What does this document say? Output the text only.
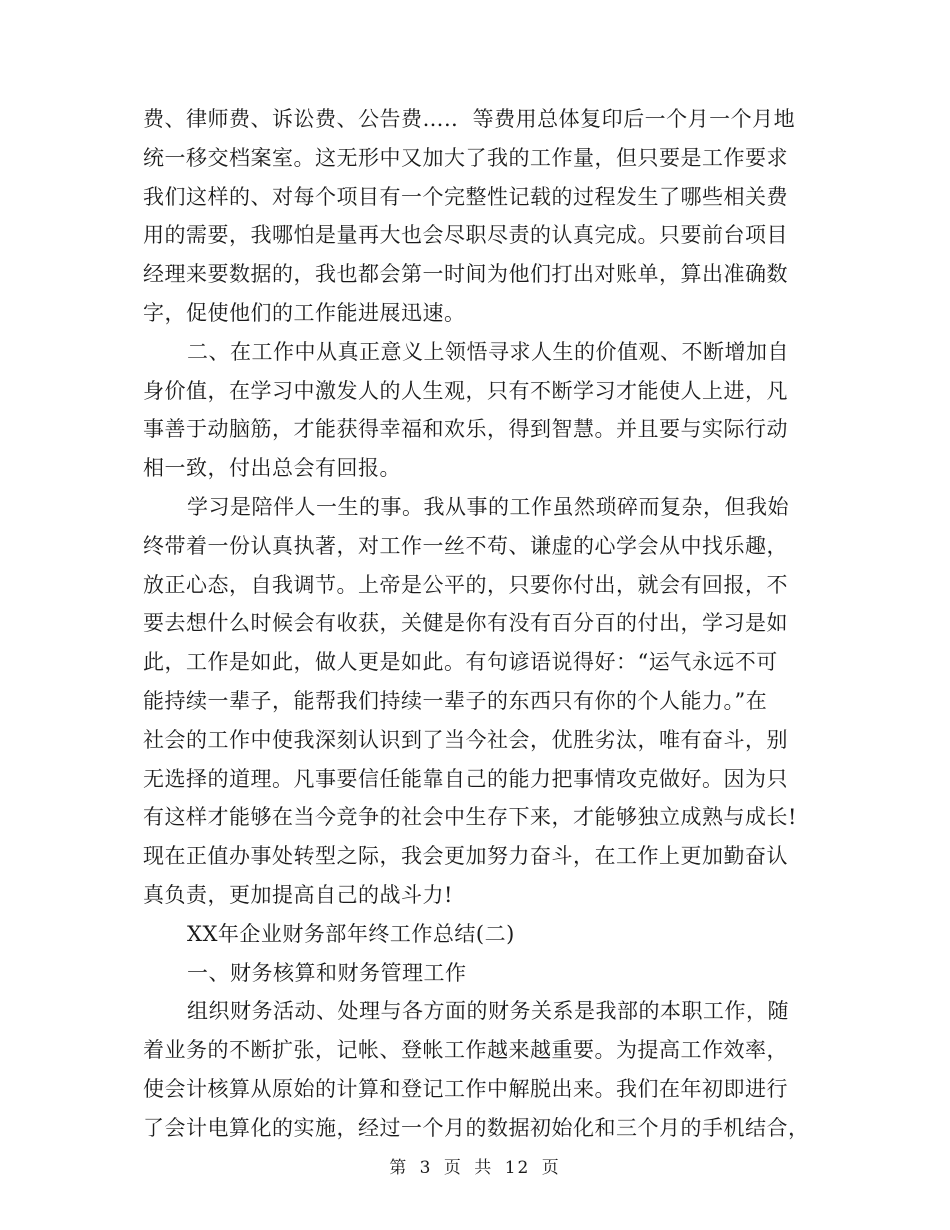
费、律师费、诉讼费、公告费….．等费用总体复印后一个月一个月地
统一移交档案室。这无形中又加大了我的工作量，但只要是工作要求
我们这样的、对每个项目有一个完整性记载的过程发生了哪些相关费
用的需要，我哪怕是量再大也会尽职尽责的认真完成。只要前台项目
经理来要数据的，我也都会第一时间为他们打出对账单，算出准确数
字，促使他们的工作能进展迅速。
二、在工作中从真正意义上领悟寻求人生的价值观、不断增加自
身价值，在学习中激发人的人生观，只有不断学习才能使人上进，凡
事善于动脑筋，才能获得幸福和欢乐，得到智慧。并且要与实际行动
相一致，付出总会有回报。
学习是陪伴人一生的事。我从事的工作虽然琐碎而复杂，但我始
终带着一份认真执著，对工作一丝不苟、谦虚的心学会从中找乐趣，
放正心态，自我调节。上帝是公平的，只要你付出，就会有回报，不
要去想什么时候会有收获，关健是你有没有百分百的付出，学习是如
此，工作是如此，做人更是如此。有句谚语说得好：“运气永远不可
能持续一辈子，能帮我们持续一辈子的东西只有你的个人能力。”在
社会的工作中使我深刻认识到了当今社会，优胜劣汰，唯有奋斗，别
无选择的道理。凡事要信任能靠自己的能力把事情攻克做好。因为只
有这样才能够在当今竞争的社会中生存下来，才能够独立成熟与成长!
现在正值办事处转型之际，我会更加努力奋斗，在工作上更加勤奋认
真负责，更加提高自己的战斗力!
XX年企业财务部年终工作总结(二)
一、财务核算和财务管理工作
组织财务活动、处理与各方面的财务关系是我部的本职工作，随
着业务的不断扩张，记帐、登帐工作越来越重要。为提高工作效率，
使会计核算从原始的计算和登记工作中解脱出来。我们在年初即进行
了会计电算化的实施，经过一个月的数据初始化和三个月的手机结合，
第 3 页 共 12 页
